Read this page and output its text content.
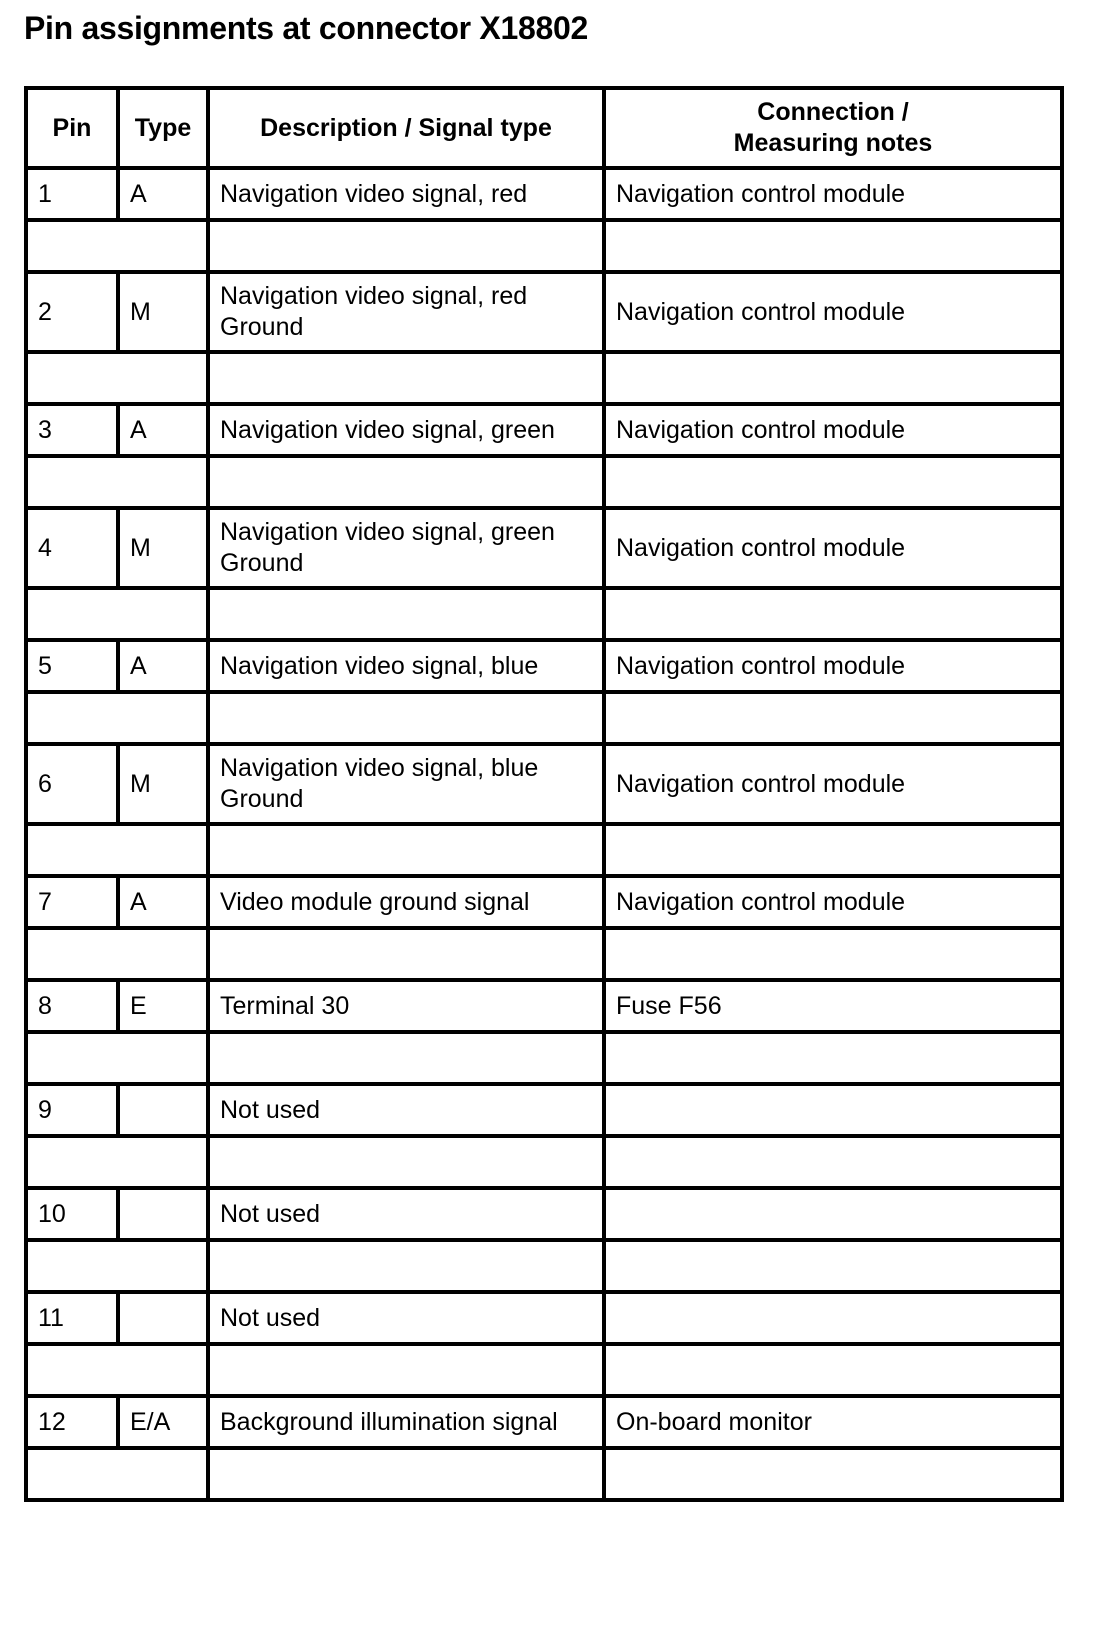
Pin assignments at connector X18802
Pin	Type	Description / Signal type	Connection /
Measuring notes

1	A	Navigation video signal, red	Navigation control module

2	M	Navigation video signal, red
Ground	Navigation control module

3	A	Navigation video signal, green	Navigation control module

4	M	Navigation video signal, green
Ground	Navigation control module

5	A	Navigation video signal, blue	Navigation control module

6	M	Navigation video signal, blue
Ground	Navigation control module

7	A	Video module ground signal	Navigation control module

8	E	Terminal 30	Fuse F56

9		Not used	

10		Not used	

11		Not used	

12	E/A	Background illumination signal	On-board monitor
